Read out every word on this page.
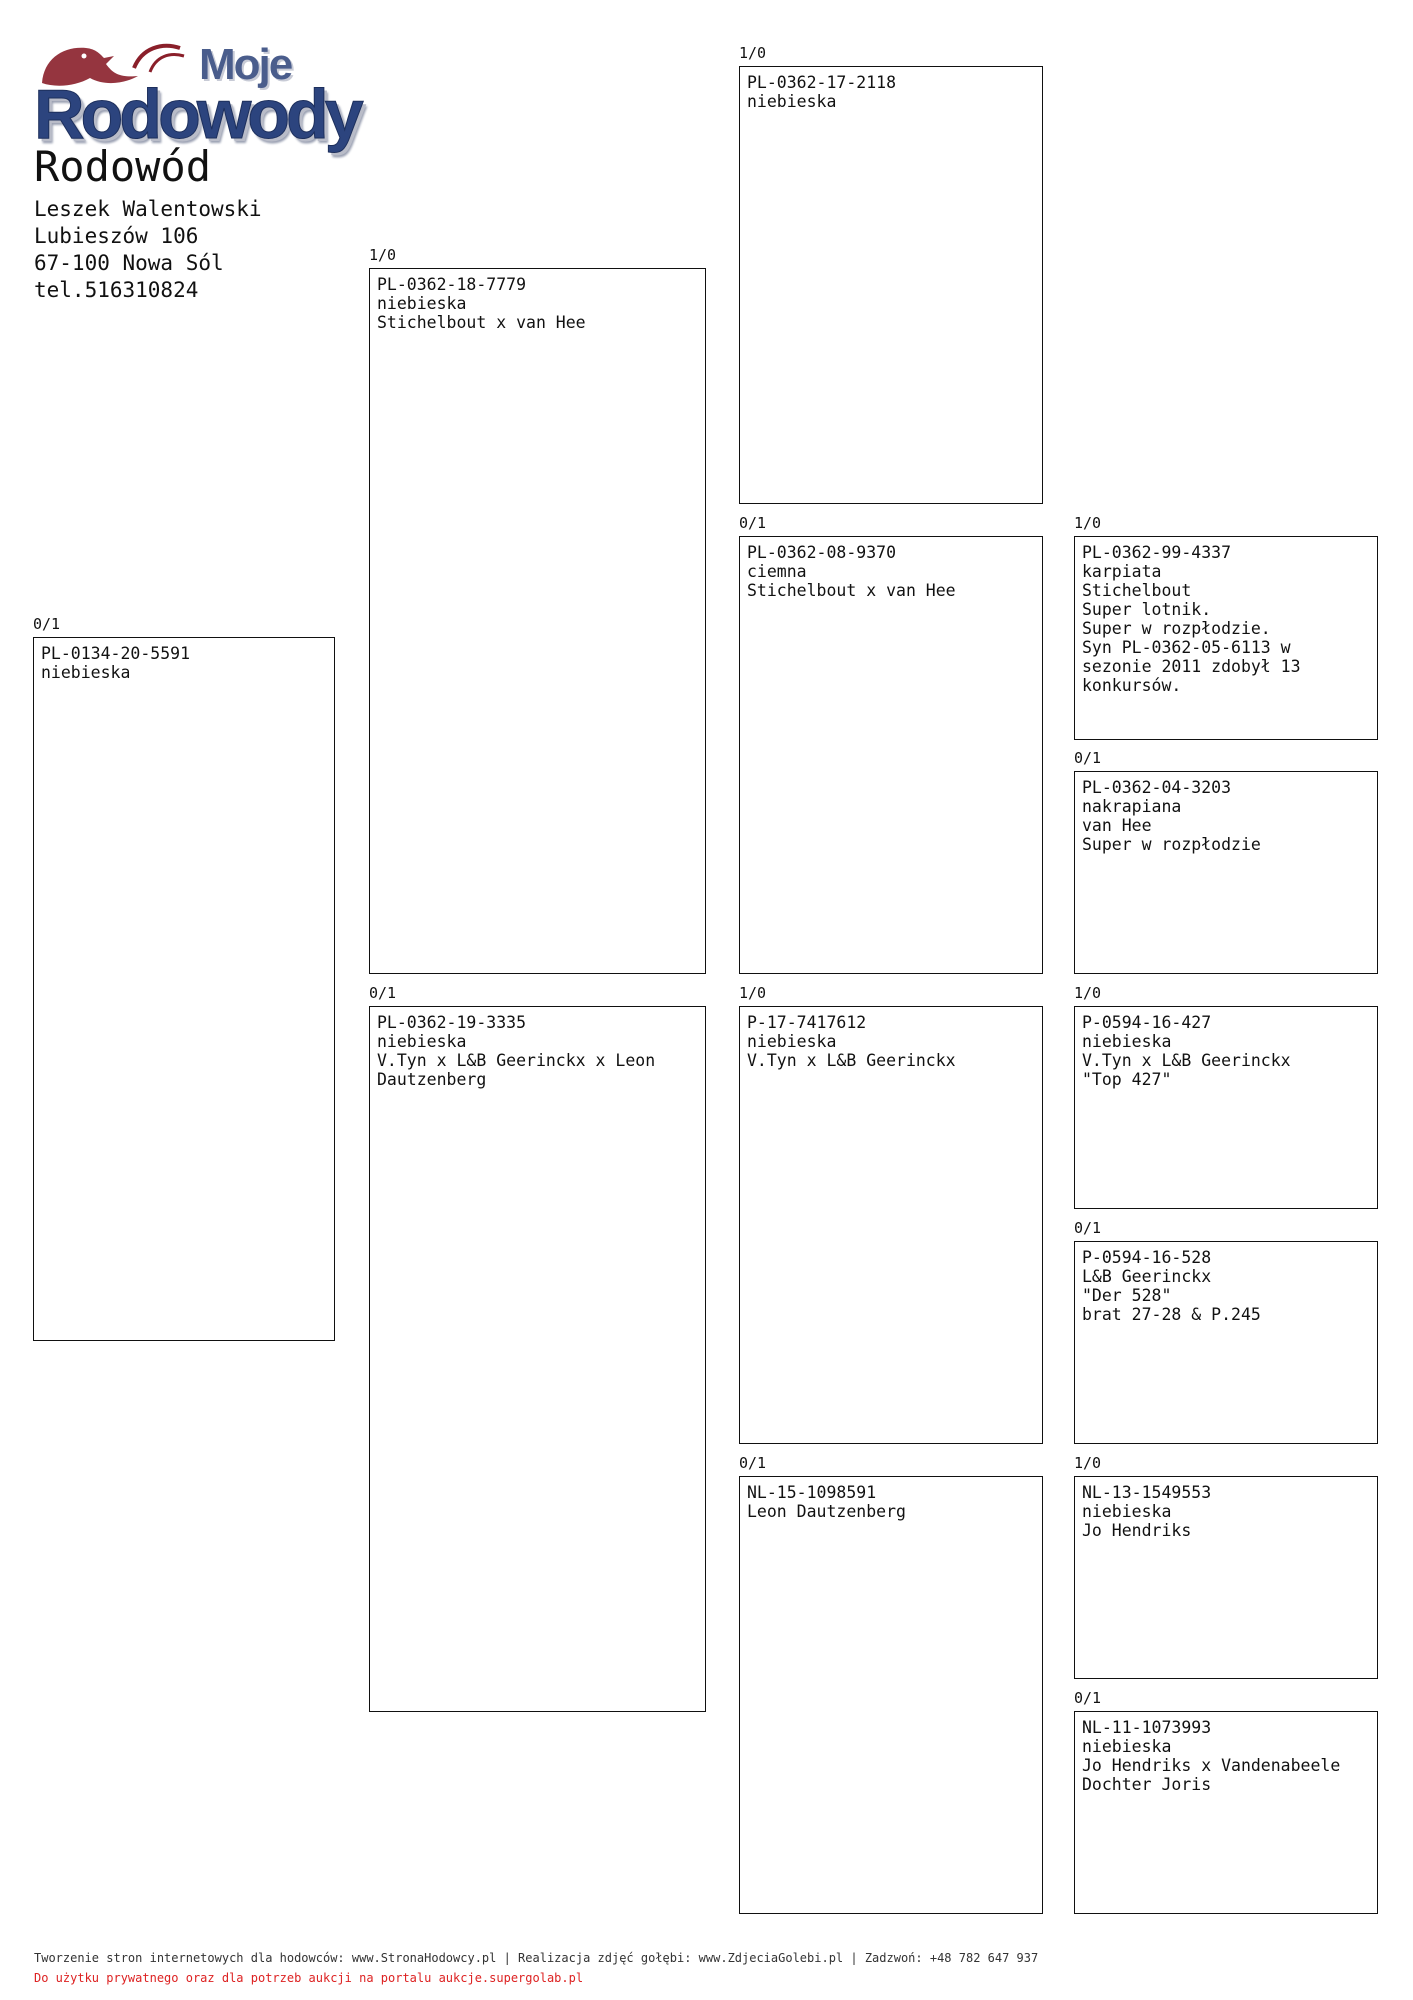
Moje
Rodowody
Rodowód
Leszek Walentowski
Lubieszów 106
67-100 Nowa Sól
tel.516310824
0/1
PL-0134-20-5591
niebieska
1/0
PL-0362-18-7779
niebieska
Stichelbout x van Hee
0/1
PL-0362-19-3335
niebieska
V.Tyn x L&B Geerinckx x Leon Dautzenberg
1/0
PL-0362-17-2118
niebieska
0/1
PL-0362-08-9370
ciemna
Stichelbout x van Hee
1/0
P-17-7417612
niebieska
V.Tyn x L&B Geerinckx
0/1
NL-15-1098591
Leon Dautzenberg
1/0
PL-0362-99-4337
karpiata
Stichelbout
Super lotnik.
Super w rozpłodzie.
Syn PL-0362-05-6113 w sezonie 2011 zdobył 13 konkursów.
0/1
PL-0362-04-3203
nakrapiana
van Hee
Super w rozpłodzie
1/0
P-0594-16-427
niebieska
V.Tyn x L&B Geerinckx
"Top 427"
0/1
P-0594-16-528
L&B Geerinckx
"Der 528"
brat 27-28 & P.245
1/0
NL-13-1549553
niebieska
Jo Hendriks
0/1
NL-11-1073993
niebieska
Jo Hendriks x Vandenabeele
Dochter Joris
Tworzenie stron internetowych dla hodowców: www.StronaHodowcy.pl | Realizacja zdjęć gołębi: www.ZdjeciaGolebi.pl | Zadzwoń: +48 782 647 937
Do użytku prywatnego oraz dla potrzeb aukcji na portalu aukcje.supergolab.pl
